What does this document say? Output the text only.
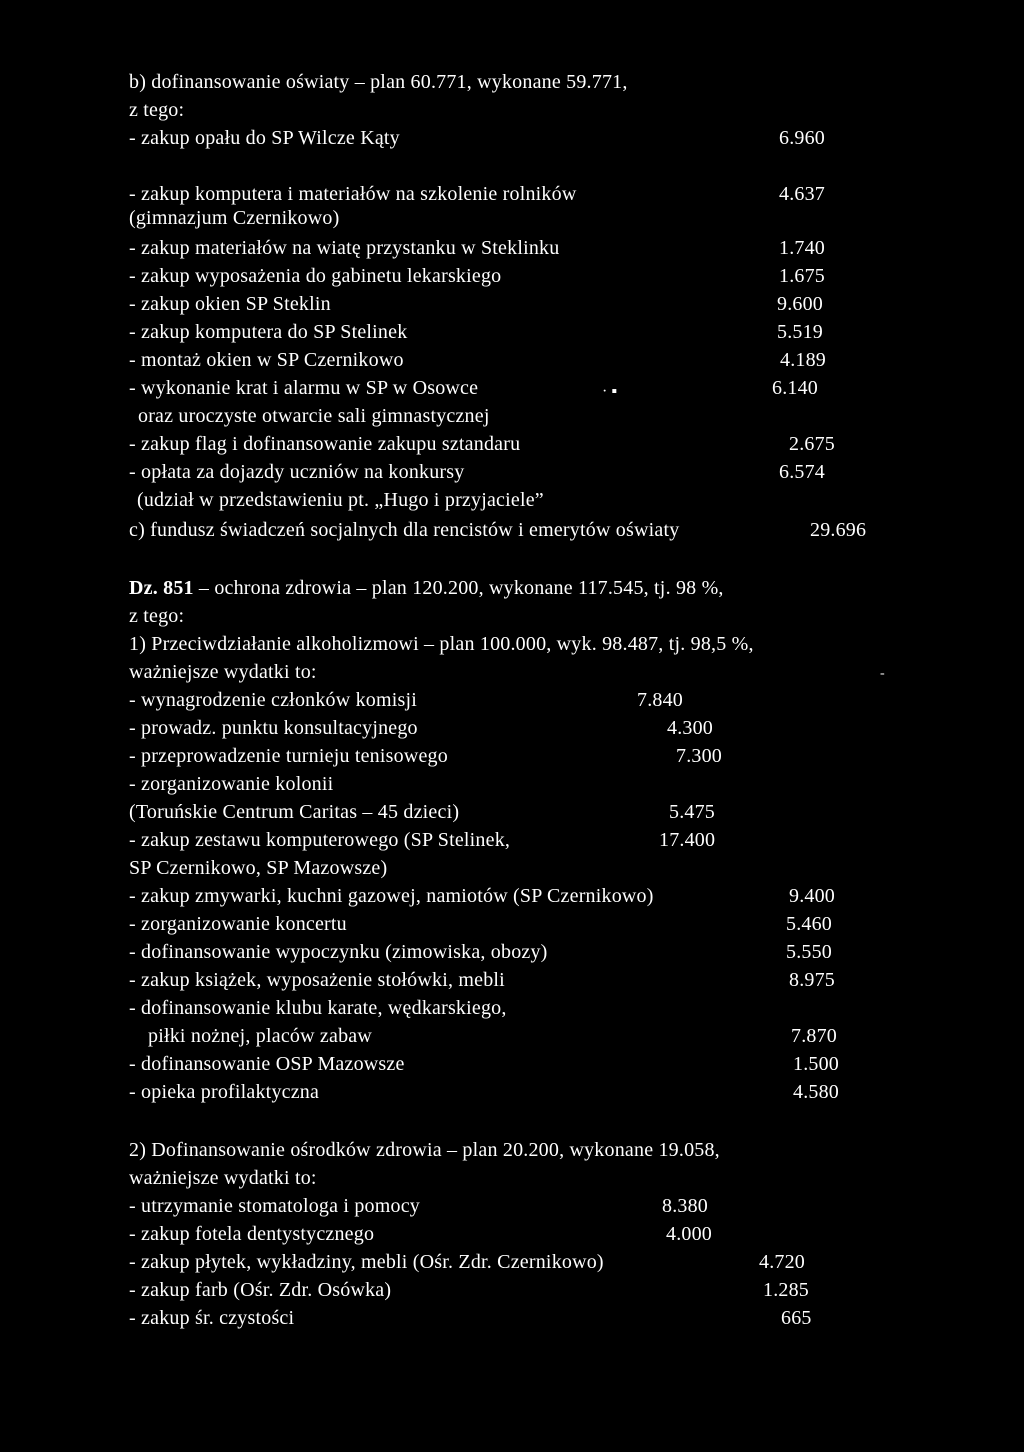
b) dofinansowanie oświaty – plan 60.771, wykonane 59.771,
z tego:
- zakup opału do SP Wilcze Kąty	6.960
- zakup komputera i materiałów na szkolenie rolników	4.637
(gimnazjum Czernikowo)
- zakup materiałów na wiatę przystanku w Steklinku	1.740
- zakup wyposażenia do gabinetu lekarskiego	1.675
- zakup okien SP Steklin	9.600
- zakup komputera do SP Stelinek	5.519
- montaż okien w SP Czernikowo	4.189
- wykonanie krat i alarmu w SP w Osowce	6.140
· ▪
oraz uroczyste otwarcie sali gimnastycznej
- zakup flag i dofinansowanie zakupu sztandaru	2.675
- opłata za dojazdy uczniów na konkursy	6.574
(udział w przedstawieniu pt. „Hugo i przyjaciele”
c) fundusz świadczeń socjalnych dla rencistów i emerytów oświaty	29.696
Dz. 851 – ochrona zdrowia – plan 120.200, wykonane 117.545, tj. 98 %,
z tego:
1) Przeciwdziałanie alkoholizmowi – plan 100.000, wyk. 98.487, tj. 98,5 %,
ważniejsze wydatki to:	-
- wynagrodzenie członków komisji	7.840
- prowadz. punktu konsultacyjnego	4.300
- przeprowadzenie turnieju tenisowego	7.300
- zorganizowanie kolonii
(Toruńskie Centrum Caritas – 45 dzieci)	5.475
- zakup zestawu komputerowego (SP Stelinek,	17.400
SP Czernikowo, SP Mazowsze)
- zakup zmywarki, kuchni gazowej, namiotów (SP Czernikowo)	9.400
- zorganizowanie koncertu	5.460
- dofinansowanie wypoczynku (zimowiska, obozy)	5.550
- zakup książek, wyposażenie stołówki, mebli	8.975
- dofinansowanie klubu karate, wędkarskiego,
piłki nożnej, placów zabaw	7.870
- dofinansowanie OSP Mazowsze	1.500
- opieka profilaktyczna	4.580
2) Dofinansowanie ośrodków zdrowia – plan 20.200, wykonane 19.058,
ważniejsze wydatki to:
- utrzymanie stomatologa i pomocy	8.380
- zakup fotela dentystycznego	4.000
- zakup płytek, wykładziny, mebli (Ośr. Zdr. Czernikowo)	4.720
- zakup farb (Ośr. Zdr. Osówka)	1.285
- zakup śr. czystości	665
